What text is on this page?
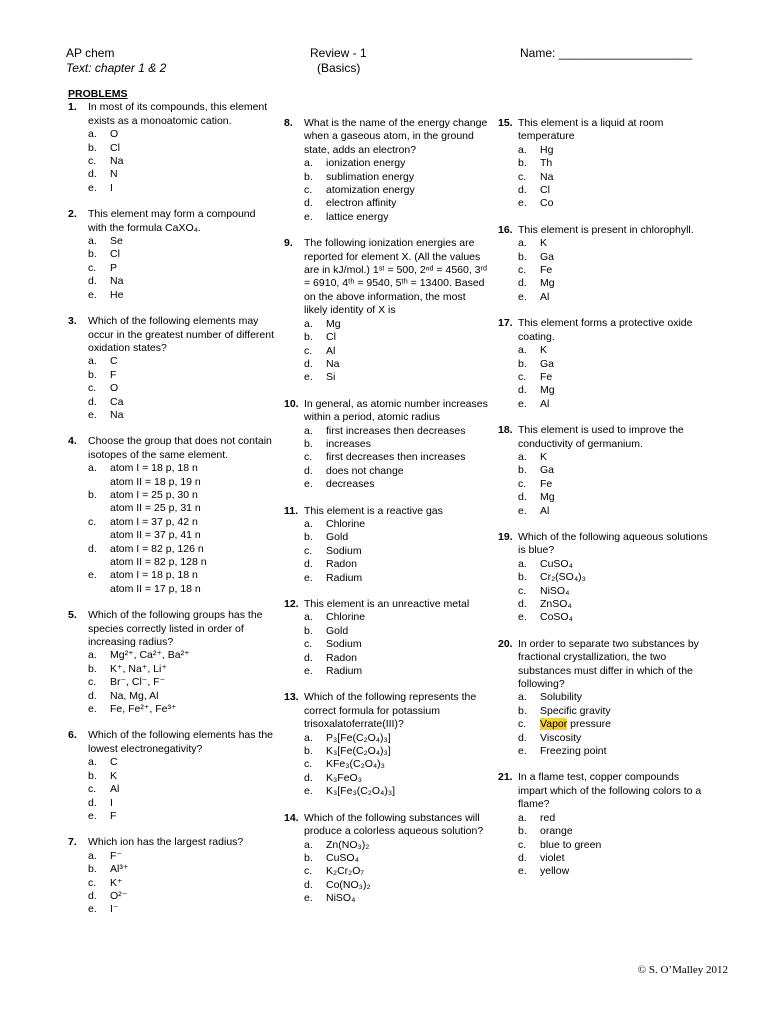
AP chem
Text: chapter 1 & 2
Review - 1
(Basics)
Name: ____________________
PROBLEMS
1.	In most of its compounds, this element exists as a monoatomic cation.
a.	O
b.	Cl
c.	Na
d.	N
e.	I
2.	This element may form a compound with the formula CaXO₄.
a.	Se
b.	Cl
c.	P
d.	Na
e.	He
3.	Which of the following elements may occur in the greatest number of different oxidation states?
a.	C
b.	F
c.	O
d.	Ca
e.	Na
4.	Choose the group that does not contain isotopes of the same element.
a.	atom I = 18 p, 18 n
atom II = 18 p, 19 n
b.	atom I = 25 p, 30 n
atom II = 25 p, 31 n
c.	atom I = 37 p, 42 n
atom II = 37 p, 41 n
d.	atom I = 82 p, 126 n
atom II = 82 p, 128 n
e.	atom I = 18 p, 18 n
atom II = 17 p, 18 n
5.	Which of the following groups has the species correctly listed in order of increasing radius?
a.	Mg²⁺, Ca²⁺, Ba²⁺
b.	K⁺, Na⁺, Li⁺
c.	Br⁻, Cl⁻, F⁻
d.	Na, Mg, Al
e.	Fe, Fe²⁺, Fe³⁺
6.	Which of the following elements has the lowest electronegativity?
a.	C
b.	K
c.	Al
d.	I
e.	F
7.	Which ion has the largest radius?
a.	F⁻
b.	Al³⁺
c.	K⁺
d.	O²⁻
e.	I⁻
8.	What is the name of the energy change when a gaseous atom, in the ground state, adds an electron?
a.	ionization energy
b.	sublimation energy
c.	atomization energy
d.	electron affinity
e.	lattice energy
9.	The following ionization energies are reported for element X. (All the values are in kJ/mol.) 1ˢᵗ = 500, 2ⁿᵈ = 4560, 3ʳᵈ = 6910, 4ᵗʰ = 9540, 5ᵗʰ = 13400. Based on the above information, the most likely identity of X is
a.	Mg
b.	Cl
c.	Al
d.	Na
e.	Si
10. In general, as atomic number increases within a period, atomic radius
a.	first increases then decreases
b.	increases
c.	first decreases then increases
d.	does not change
e.	decreases
11. This element is a reactive gas
a.	Chlorine
b.	Gold
c.	Sodium
d.	Radon
e.	Radium
12. This element is an unreactive metal
a.	Chlorine
b.	Gold
c.	Sodium
d.	Radon
e.	Radium
13. Which of the following represents the correct formula for potassium trisoxalatoferrate(III)?
a.	P₃[Fe(C₂O₄)₃]
b.	K₃[Fe(C₂O₄)₃]
c.	KFe₃(C₂O₄)₃
d.	K₃FeO₃
e.	K₃[Fe₃(C₂O₄)₃]
14. Which of the following substances will produce a colorless aqueous solution?
a.	Zn(NO₃)₂
b.	CuSO₄
c.	K₂Cr₂O₇
d.	Co(NO₃)₂
e.	NiSO₄
15. This element is a liquid at room temperature
a.	Hg
b.	Th
c.	Na
d.	Cl
e.	Co
16. This element is present in chlorophyll.
a.	K
b.	Ga
c.	Fe
d.	Mg
e.	Al
17. This element forms a protective oxide coating.
a.	K
b.	Ga
c.	Fe
d.	Mg
e.	Al
18. This element is used to improve the conductivity of germanium.
a.	K
b.	Ga
c.	Fe
d.	Mg
e.	Al
19. Which of the following aqueous solutions is blue?
a.	CuSO₄
b.	Cr₂(SO₄)₃
c.	NiSO₄
d.	ZnSO₄
e.	CoSO₄
20. In order to separate two substances by fractional crystallization, the two substances must differ in which of the following?
a.	Solubility
b.	Specific gravity
c.	Vapor pressure
d.	Viscosity
e.	Freezing point
21. In a flame test, copper compounds impart which of the following colors to a flame?
a.	red
b.	orange
c.	blue to green
d.	violet
e.	yellow
© S. O’Malley 2012
